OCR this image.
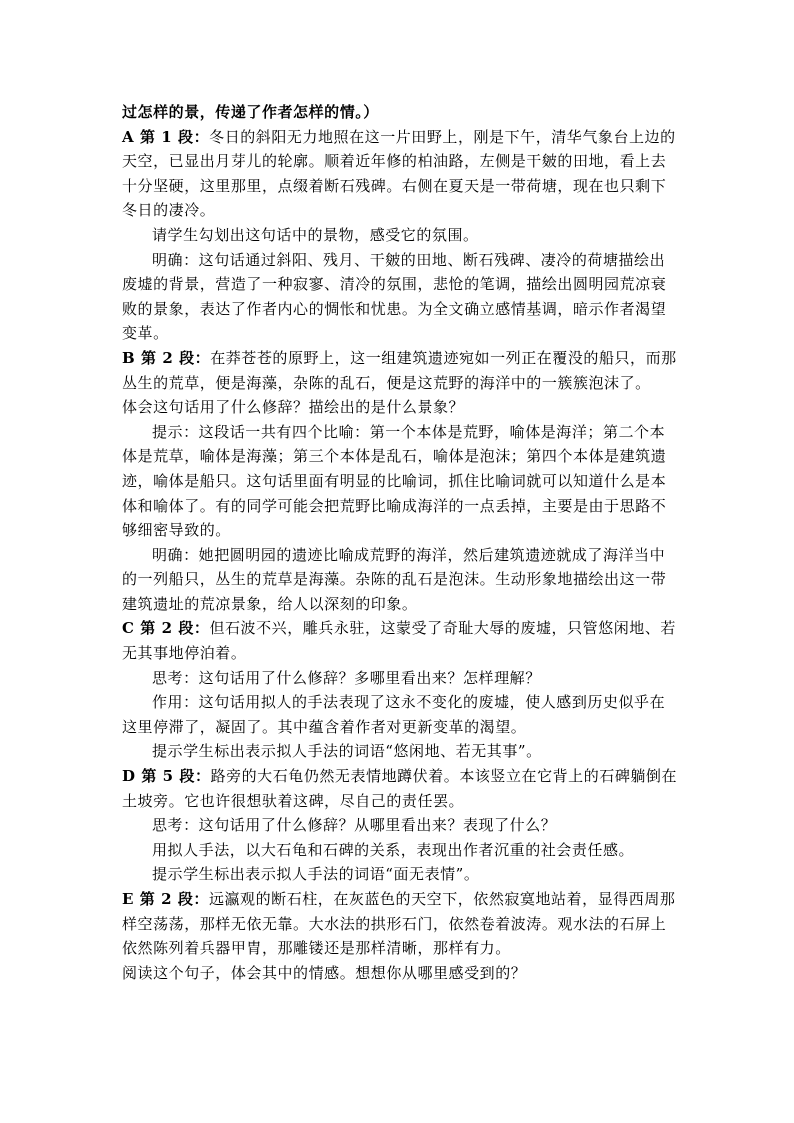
过怎样的景，传递了作者怎样的情。）
A 第 1 段：冬日的斜阳无力地照在这一片田野上，刚是下午，清华气象台上边的
天空，已显出月芽儿的轮廓。顺着近年修的柏油路，左侧是干皴的田地，看上去
十分坚硬，这里那里，点缀着断石残碑。右侧在夏天是一带荷塘，现在也只剩下
冬日的凄冷。
请学生勾划出这句话中的景物，感受它的氛围。
明确：这句话通过斜阳、残月、干皴的田地、断石残碑、凄冷的荷塘描绘出
废墟的背景，营造了一种寂寥、清冷的氛围，悲怆的笔调，描绘出圆明园荒凉衰
败的景象，表达了作者内心的惆怅和忧患。为全文确立感情基调，暗示作者渴望
变革。
B 第 2 段：在莽苍苍的原野上，这一组建筑遗迹宛如一列正在覆没的船只，而那
丛生的荒草，便是海藻，杂陈的乱石，便是这荒野的海洋中的一簇簇泡沫了。
体会这句话用了什么修辞？描绘出的是什么景象？
提示：这段话一共有四个比喻：第一个本体是荒野，喻体是海洋；第二个本
体是荒草，喻体是海藻；第三个本体是乱石，喻体是泡沫；第四个本体是建筑遗
迹，喻体是船只。这句话里面有明显的比喻词，抓住比喻词就可以知道什么是本
体和喻体了。有的同学可能会把荒野比喻成海洋的一点丢掉，主要是由于思路不
够细密导致的。
明确：她把圆明园的遗迹比喻成荒野的海洋，然后建筑遗迹就成了海洋当中
的一列船只，丛生的荒草是海藻。杂陈的乱石是泡沫。生动形象地描绘出这一带
建筑遗址的荒凉景象，给人以深刻的印象。
C 第 2 段：但石波不兴，雕兵永驻，这蒙受了奇耻大辱的废墟，只管悠闲地、若
无其事地停泊着。
思考：这句话用了什么修辞？多哪里看出来？怎样理解？
作用：这句话用拟人的手法表现了这永不变化的废墟，使人感到历史似乎在
这里停滞了，凝固了。其中蕴含着作者对更新变革的渴望。
提示学生标出表示拟人手法的词语“悠闲地、若无其事”。
D 第 5 段：路旁的大石龟仍然无表情地蹲伏着。本该竖立在它背上的石碑躺倒在
土坡旁。它也许很想驮着这碑，尽自己的责任罢。
思考：这句话用了什么修辞？从哪里看出来？表现了什么？
用拟人手法，以大石龟和石碑的关系，表现出作者沉重的社会责任感。
提示学生标出表示拟人手法的词语“面无表情”。
E 第 2 段：远瀛观的断石柱，在灰蓝色的天空下，依然寂寞地站着，显得西周那
样空荡荡，那样无依无靠。大水法的拱形石门，依然卷着波涛。观水法的石屏上
依然陈列着兵器甲胄，那雕镂还是那样清晰，那样有力。
阅读这个句子，体会其中的情感。想想你从哪里感受到的？
